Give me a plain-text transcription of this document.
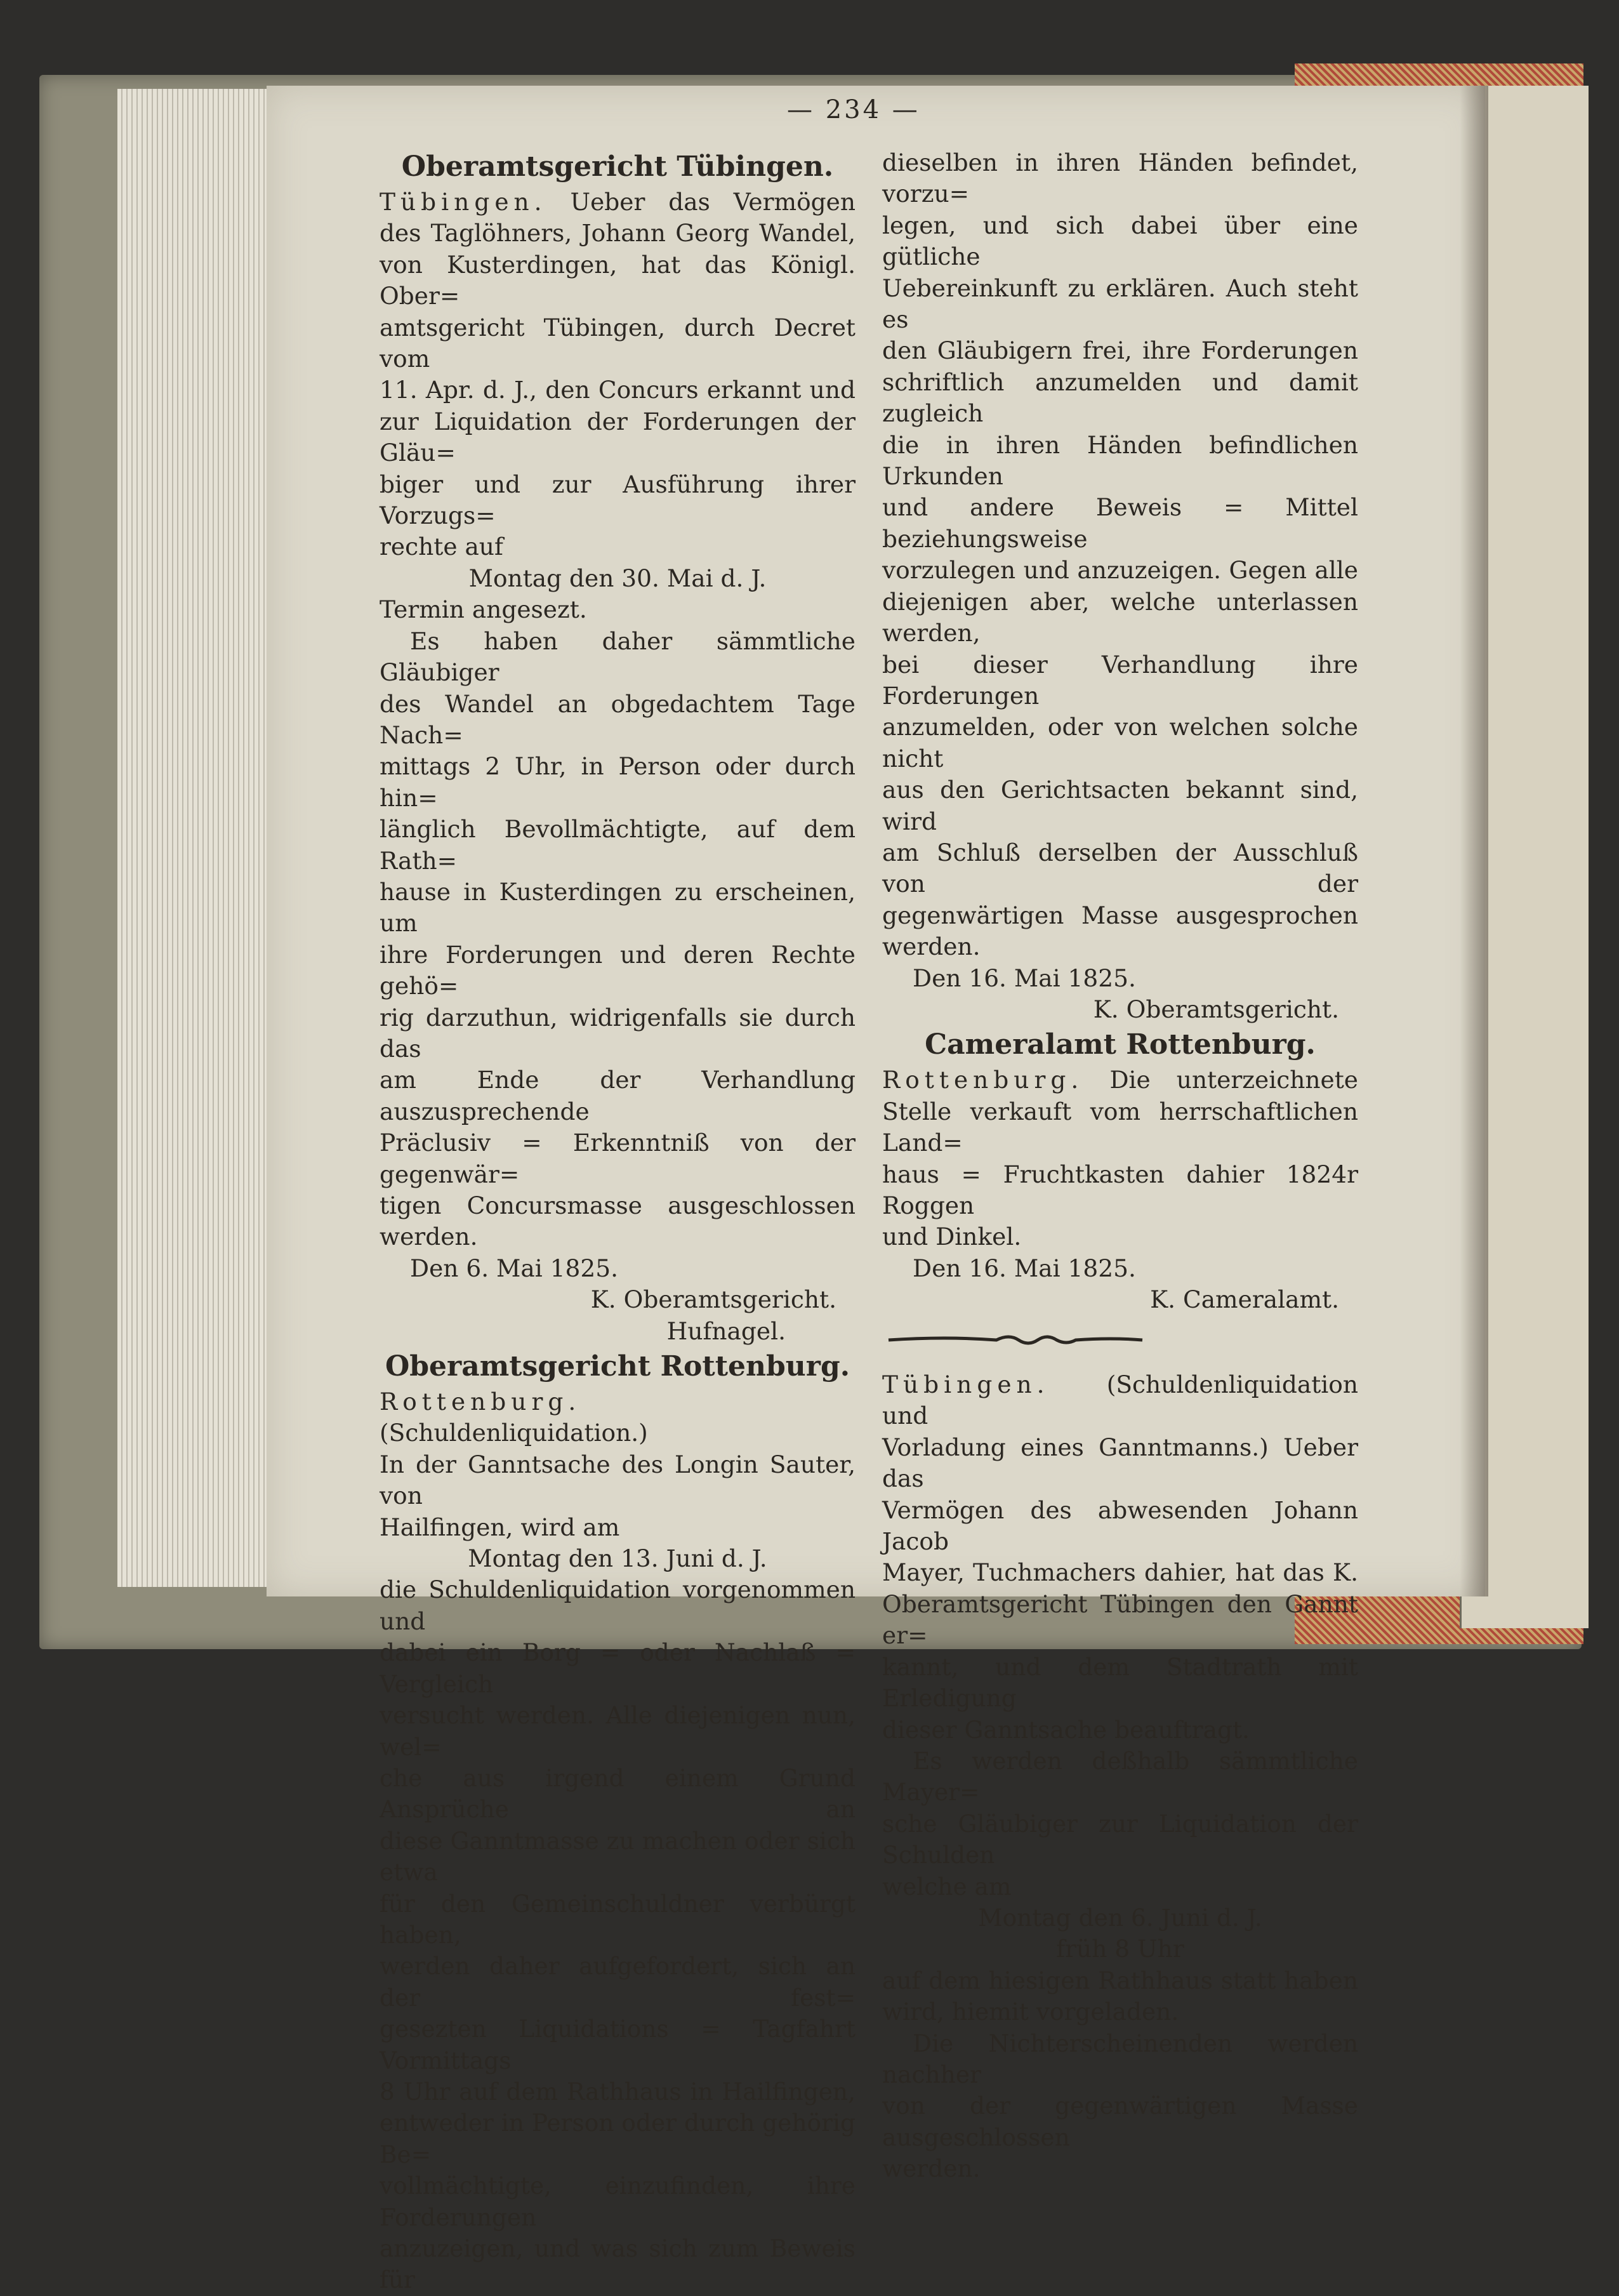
— 234 —
Oberamtsgericht Tübingen.

Tübingen. Ueber das Vermögen

des Taglöhners, Johann Georg Wandel,

von Kusterdingen, hat das Königl. Ober=

amtsgericht Tübingen, durch Decret vom

11. Apr. d. J., den Concurs erkannt und

zur Liquidation der Forderungen der Gläu=

biger und zur Ausführung ihrer Vorzugs=

rechte auf

Montag den 30. Mai d. J.

Termin angesezt.

Es haben daher sämmtliche Gläubiger

des Wandel an obgedachtem Tage Nach=

mittags 2 Uhr, in Person oder durch hin=

länglich Bevollmächtigte, auf dem Rath=

hause in Kusterdingen zu erscheinen, um

ihre Forderungen und deren Rechte gehö=

rig darzuthun, widrigenfalls sie durch das

am Ende der Verhandlung auszusprechende

Präclusiv = Erkenntniß von der gegenwär=

tigen Concursmasse ausgeschlossen werden.

Den 6. Mai 1825.

K. Oberamtsgericht.

Hufnagel.

Oberamtsgericht Rottenburg.

Rottenburg. (Schuldenliquidation.)

In der Ganntsache des Longin Sauter, von

Hailfingen, wird am

Montag den 13. Juni d. J.

die Schuldenliquidation vorgenommen und

dabei ein Borg = oder Nachlaß = Vergleich

versucht werden. Alle diejenigen nun, wel=

che aus irgend einem Grund Ansprüche an

diese Ganntmasse zu machen oder sich etwa

für den Gemeinschuldner verbürgt haben,

werden daher aufgefordert, sich an der fest=

gesezten Liquidations = Tagfahrt Vormittags

8 Uhr auf dem Rathhaus in Hailfingen,

entweder in Person oder durch gehörig Be=

vollmächtigte, einzufinden, ihre Forderungen

anzuzeigen, und was sich zum Beweis für

dieselben in ihren Händen befindet, vorzu=

legen, und sich dabei über eine gütliche

Uebereinkunft zu erklären. Auch steht es

den Gläubigern frei, ihre Forderungen

schriftlich anzumelden und damit zugleich

die in ihren Händen befindlichen Urkunden

und andere Beweis = Mittel beziehungsweise

vorzulegen und anzuzeigen. Gegen alle

diejenigen aber, welche unterlassen werden,

bei dieser Verhandlung ihre Forderungen

anzumelden, oder von welchen solche nicht

aus den Gerichtsacten bekannt sind, wird

am Schluß derselben der Ausschluß von der

gegenwärtigen Masse ausgesprochen werden.

Den 16. Mai 1825.

K. Oberamtsgericht.

Cameralamt Rottenburg.

Rottenburg. Die unterzeichnete

Stelle verkauft vom herrschaftlichen Land=

haus = Fruchtkasten dahier 1824r Roggen

und Dinkel.

Den 16. Mai 1825.

K. Cameralamt.

Tübingen. (Schuldenliquidation und

Vorladung eines Ganntmanns.) Ueber das

Vermögen des abwesenden Johann Jacob

Mayer, Tuchmachers dahier, hat das K.

Oberamtsgericht Tübingen den Gannt er=

kannt, und dem Stadtrath mit Erledigung

dieser Ganntsache beauftragt.

Es werden deßhalb sämmtliche Mayer=

sche Gläubiger zur Liquidation der Schulden

welche am

Montag den 6. Juni d. J.

früh 8 Uhr

auf dem hiesigen Rathhaus statt haben

wird, hiemit vorgeladen.

Die Nichterscheinenden werden nachher

von der gegenwärtigen Masse ausgeschlossen

werden.
